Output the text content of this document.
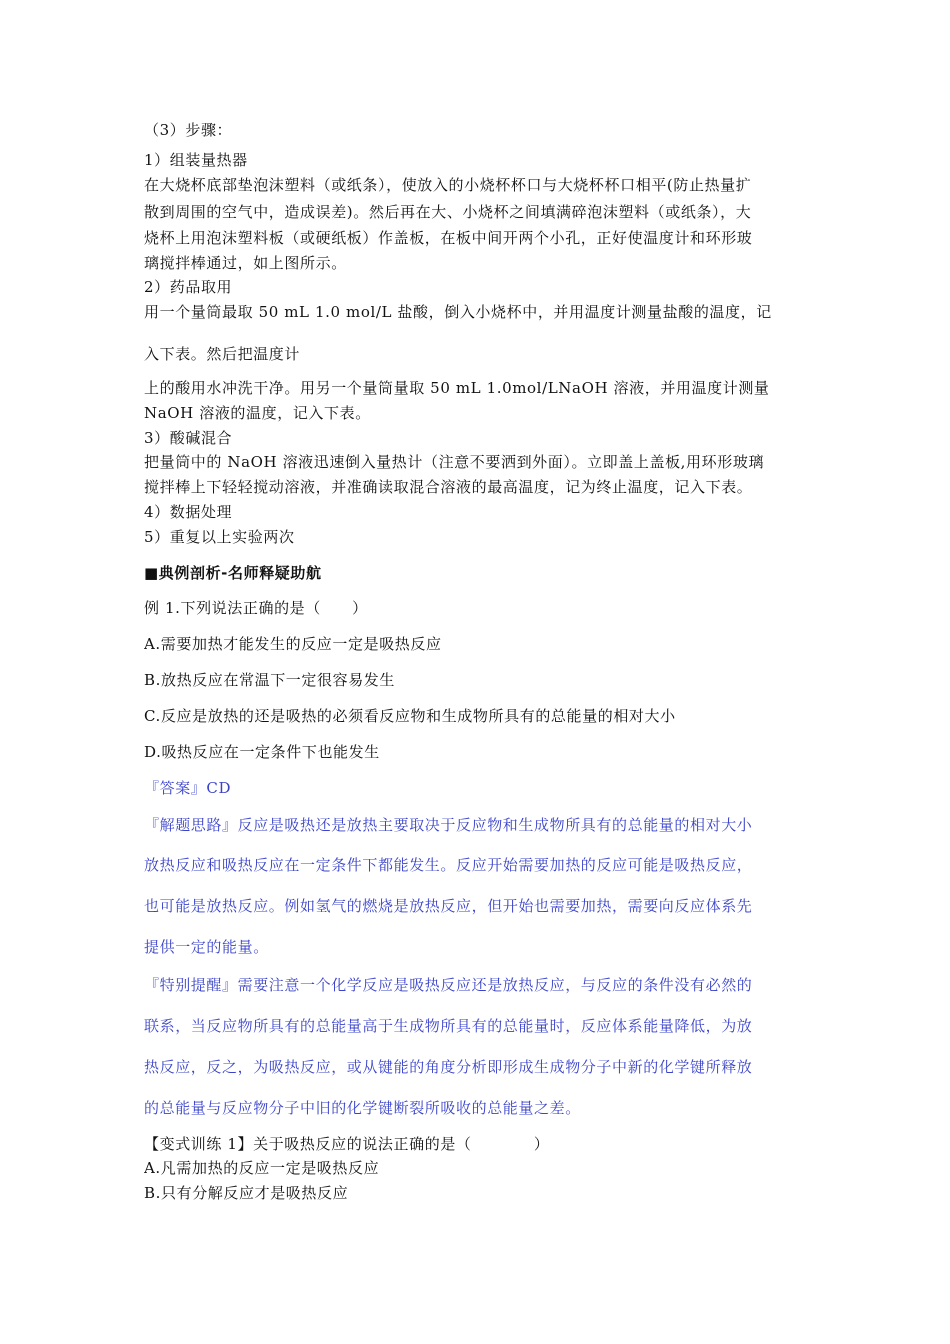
（3）步骤：
1）组装量热器
在大烧杯底部垫泡沫塑料（或纸条），使放入的小烧杯杯口与大烧杯杯口相平(防止热量扩
散到周围的空气中，造成误差)。然后再在大、小烧杯之间填满碎泡沫塑料（或纸条），大
烧杯上用泡沫塑料板（或硬纸板）作盖板，在板中间开两个小孔，正好使温度计和环形玻
璃搅拌棒通过，如上图所示。
2）药品取用
用一个量筒最取 50 mL 1.0 mol/L 盐酸，倒入小烧杯中，并用温度计测量盐酸的温度，记
入下表。然后把温度计
上的酸用水冲洗干净。用另一个量筒量取 50 mL 1.0mol/LNaOH 溶液，并用温度计测量
NaOH 溶液的温度，记入下表。
3）酸碱混合
把量筒中的 NaOH 溶液迅速倒入量热计（注意不要洒到外面）。立即盖上盖板,用环形玻璃
搅拌棒上下轻轻搅动溶液，并准确读取混合溶液的最高温度，记为终止温度，记入下表。
4）数据处理
5）重复以上实验两次
■典例剖析-名师释疑助航
例 1.下列说法正确的是（　　）
A.需要加热才能发生的反应一定是吸热反应
B.放热反应在常温下一定很容易发生
C.反应是放热的还是吸热的必须看反应物和生成物所具有的总能量的相对大小
D.吸热反应在一定条件下也能发生
『答案』CD
『解题思路』反应是吸热还是放热主要取决于反应物和生成物所具有的总能量的相对大小
放热反应和吸热反应在一定条件下都能发生。反应开始需要加热的反应可能是吸热反应，
也可能是放热反应。例如氢气的燃烧是放热反应，但开始也需要加热，需要向反应体系先
提供一定的能量。
『特别提醒』需要注意一个化学反应是吸热反应还是放热反应，与反应的条件没有必然的
联系，当反应物所具有的总能量高于生成物所具有的总能量时，反应体系能量降低，为放
热反应，反之，为吸热反应，或从键能的角度分析即形成生成物分子中新的化学键所释放
的总能量与反应物分子中旧的化学键断裂所吸收的总能量之差。
【变式训练 1】关于吸热反应的说法正确的是（　　　　）
A.凡需加热的反应一定是吸热反应
B.只有分解反应才是吸热反应
